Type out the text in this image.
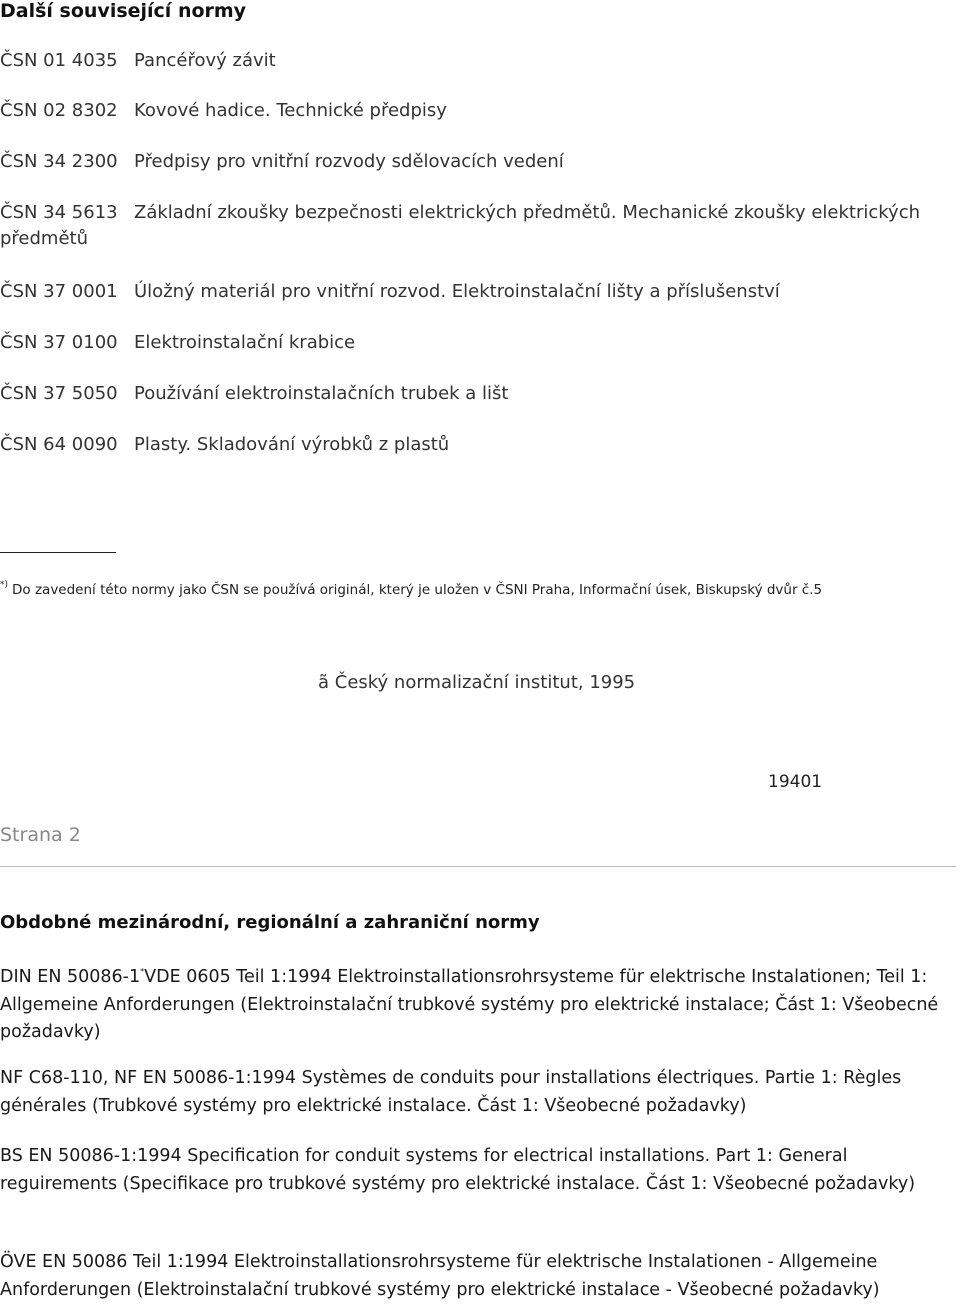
Další související normy
ČSN 01 4035 Pancéřový závit
ČSN 02 8302 Kovové hadice. Technické předpisy
ČSN 34 2300 Předpisy pro vnitřní rozvody sdělovacích vedení
ČSN 34 5613 Základní zkoušky bezpečnosti elektrických předmětů. Mechanické zkoušky elektrických předmětů
ČSN 37 0001 Úložný materiál pro vnitřní rozvod. Elektroinstalační lišty a příslušenství
ČSN 37 0100 Elektroinstalační krabice
ČSN 37 5050 Používání elektroinstalačních trubek a lišt
ČSN 64 0090 Plasty. Skladování výrobků z plastů
*) Do zavedení této normy jako ČSN se používá originál, který je uložen v ČSNI Praha, Informační úsek, Biskupský dvůr č.5
ã Český normalizační institut, 1995
19401
Strana 2
Obdobné mezinárodní, regionální a zahraniční normy
DIN EN 50086-1*VDE 0605 Teil 1:1994 Elektroinstallationsrohrsysteme für elektrische Instalationen; Teil 1: Allgemeine Anforderungen (Elektroinstalační trubkové systémy pro elektrické instalace; Část 1: Všeobecné požadavky)
NF C68-110, NF EN 50086-1:1994 Systèmes de conduits pour installations électriques. Partie 1: Règles générales (Trubkové systémy pro elektrické instalace. Část 1: Všeobecné požadavky)
BS EN 50086-1:1994 Specification for conduit systems for electrical installations. Part 1: General reguirements (Specifikace pro trubkové systémy pro elektrické instalace. Část 1: Všeobecné požadavky)
ÖVE EN 50086 Teil 1:1994 Elektroinstallationsrohrsysteme für elektrische Instalationen - Allgemeine Anforderungen (Elektroinstalační trubkové systémy pro elektrické instalace - Všeobecné požadavky)
